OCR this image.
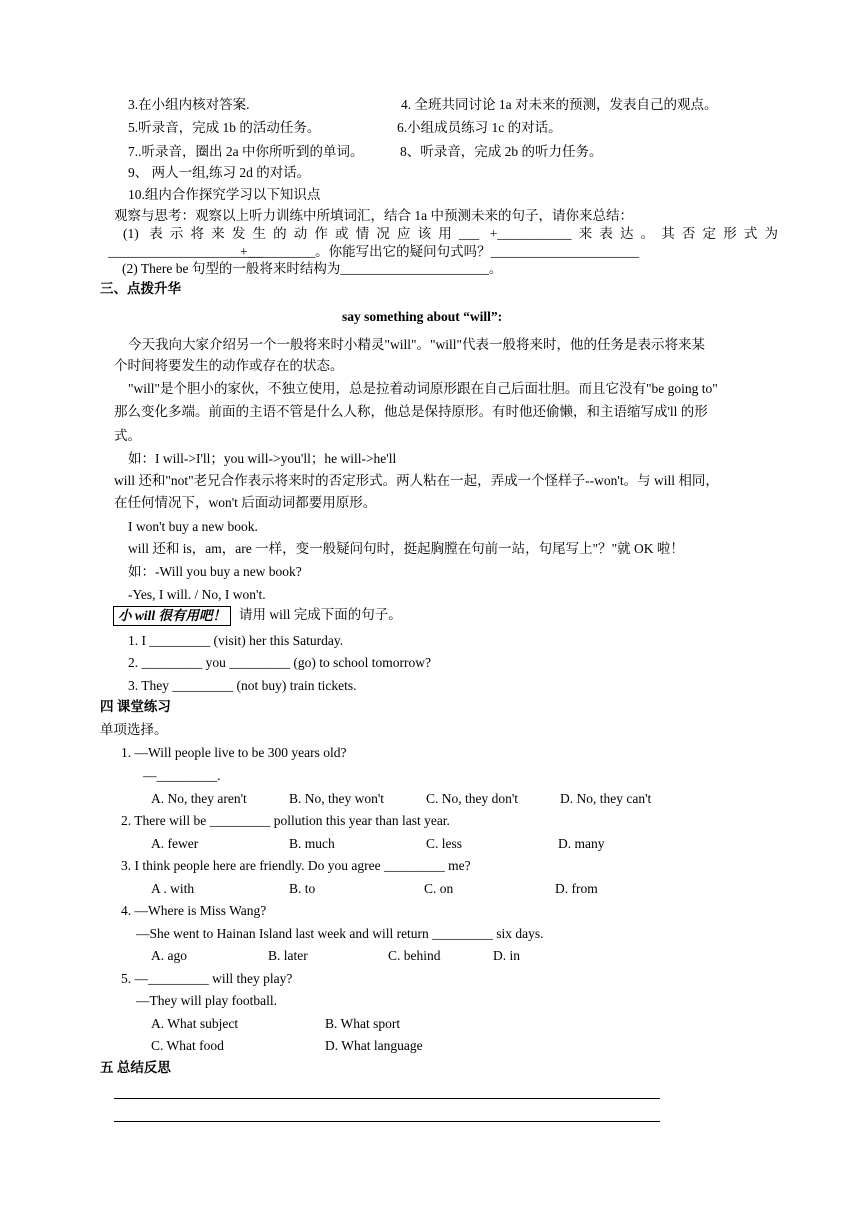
3.在小组内核对答案.	4. 全班共同讨论 1a 对未来的预测，发表自己的观点。
5.听录音，完成 1b 的活动任务。	6.小组成员练习 1c 的对话。
7..听录音，圈出 2a 中你所听到的单词。	8、听录音，完成 2b 的听力任务。
9、 两人一组,练习 2d 的对话。
10.组内合作探究学习以下知识点
观察与思考：观察以上听力训练中所填词汇，结合 1a 中预测未来的句子，请你来总结：
(1) 表示将来发生的动作或情况应该用___ +___________来表达。其否定形式为
_______________________
+__________。你能写出它的疑问句式吗？______________________
(2) There be 句型的一般将来时结构为______________________。
三、点拨升华
say something about “will”:
今天我向大家介绍另一个一般将来时小精灵"will"。"will"代表一般将来时，他的任务是表示将来某
个时间将要发生的动作或存在的状态。
"will"是个胆小的家伙，不独立使用，总是拉着动词原形跟在自己后面壮胆。而且它没有"be going to"
那么变化多端。前面的主语不管是什么人称，他总是保持原形。有时他还偷懒，和主语缩写成'll 的形
式。
如：I will->I'll；you will->you'll；he will->he'll
will 还和"not"老兄合作表示将来时的否定形式。两人粘在一起，弄成一个怪样子--won't。与 will 相同，
在任何情况下，won't 后面动词都要用原形。
I won't buy a new book.
will 还和 is，am，are 一样，变一般疑问句时，挺起胸膛在句前一站，句尾写上"？"就 OK 啦！
如：-Will you buy a new book?
-Yes, I will. / No, I won't.
小 will 很有用吧！ 请用 will 完成下面的句子。
1. I _________ (visit) her this Saturday.
2. _________ you _________ (go) to school tomorrow?
3. They _________ (not buy) train tickets.
四 课堂练习
单项选择。
1. —Will people live to be 300 years old?
—_________.
A. No, they aren't	B. No, they won't	C. No, they don't	D. No, they can't
2. There will be _________ pollution this year than last year.
A. fewer	B. much	C. less	D. many
3. I think people here are friendly. Do you agree _________ me?
A . with	B. to	C. on	D. from
4. —Where is Miss Wang?
—She went to Hainan Island last week and will return _________ six days.
A. ago	B. later	C. behind	D. in
5. —_________ will they play?
—They will play football.
A. What subject	B. What sport
C. What food	D. What language
五 总结反思
